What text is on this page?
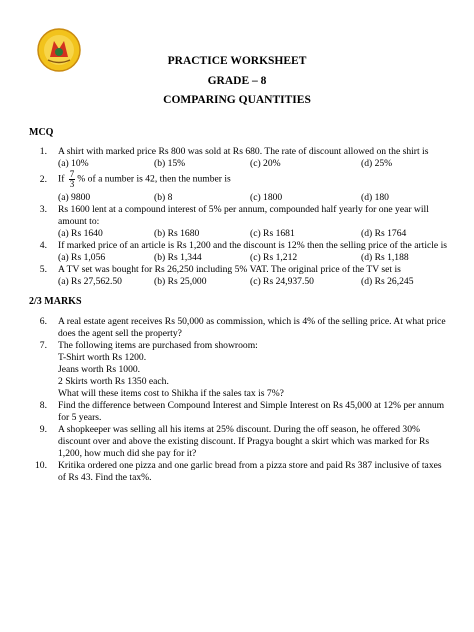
PRACTICE WORKSHEET
GRADE – 8
COMPARING QUANTITIES
MCQ
1. A shirt with marked price Rs 800 was sold at Rs 680. The rate of discount allowed on the shirt is
(a) 10%	(b) 15%	(c) 20%	(d) 25%
2. If $\frac{7}{3}$ % of a number is 42, then the number is
(a) 9800	(b) 8	(c) 1800	(d) 180
3. Rs 1600 lent at a compound interest of 5% per annum, compounded half yearly for one year will
amount to:
(a) Rs 1640	(b) Rs 1680	(c) Rs 1681	(d) Rs 1764
4. If marked price of an article is Rs 1,200 and the discount is 12% then the selling price of the article is
(a) Rs 1,056	(b) Rs 1,344	(c) Rs 1,212	(d) Rs 1,188
5. A TV set was bought for Rs 26,250 including 5% VAT. The original price of the TV set is
(a) Rs 27,562.50	(b) Rs 25,000	(c) Rs 24,937.50	(d) Rs 26,245
2/3 MARKS
6. A real estate agent receives Rs 50,000 as commission, which is 4% of the selling price. At what price
does the agent sell the property?
7. The following items are purchased from showroom:
T-Shirt worth Rs 1200.
Jeans worth Rs 1000.
2 Skirts worth Rs 1350 each.
What will these items cost to Shikha if the sales tax is 7%?
8. Find the difference between Compound Interest and Simple Interest on Rs 45,000 at 12% per annum
for 5 years.
9. A shopkeeper was selling all his items at 25% discount. During the off season, he offered 30%
discount over and above the existing discount. If Pragya bought a skirt which was marked for Rs
1,200, how much did she pay for it?
10. Kritika ordered one pizza and one garlic bread from a pizza store and paid Rs 387 inclusive of taxes
of Rs 43. Find the tax%.
